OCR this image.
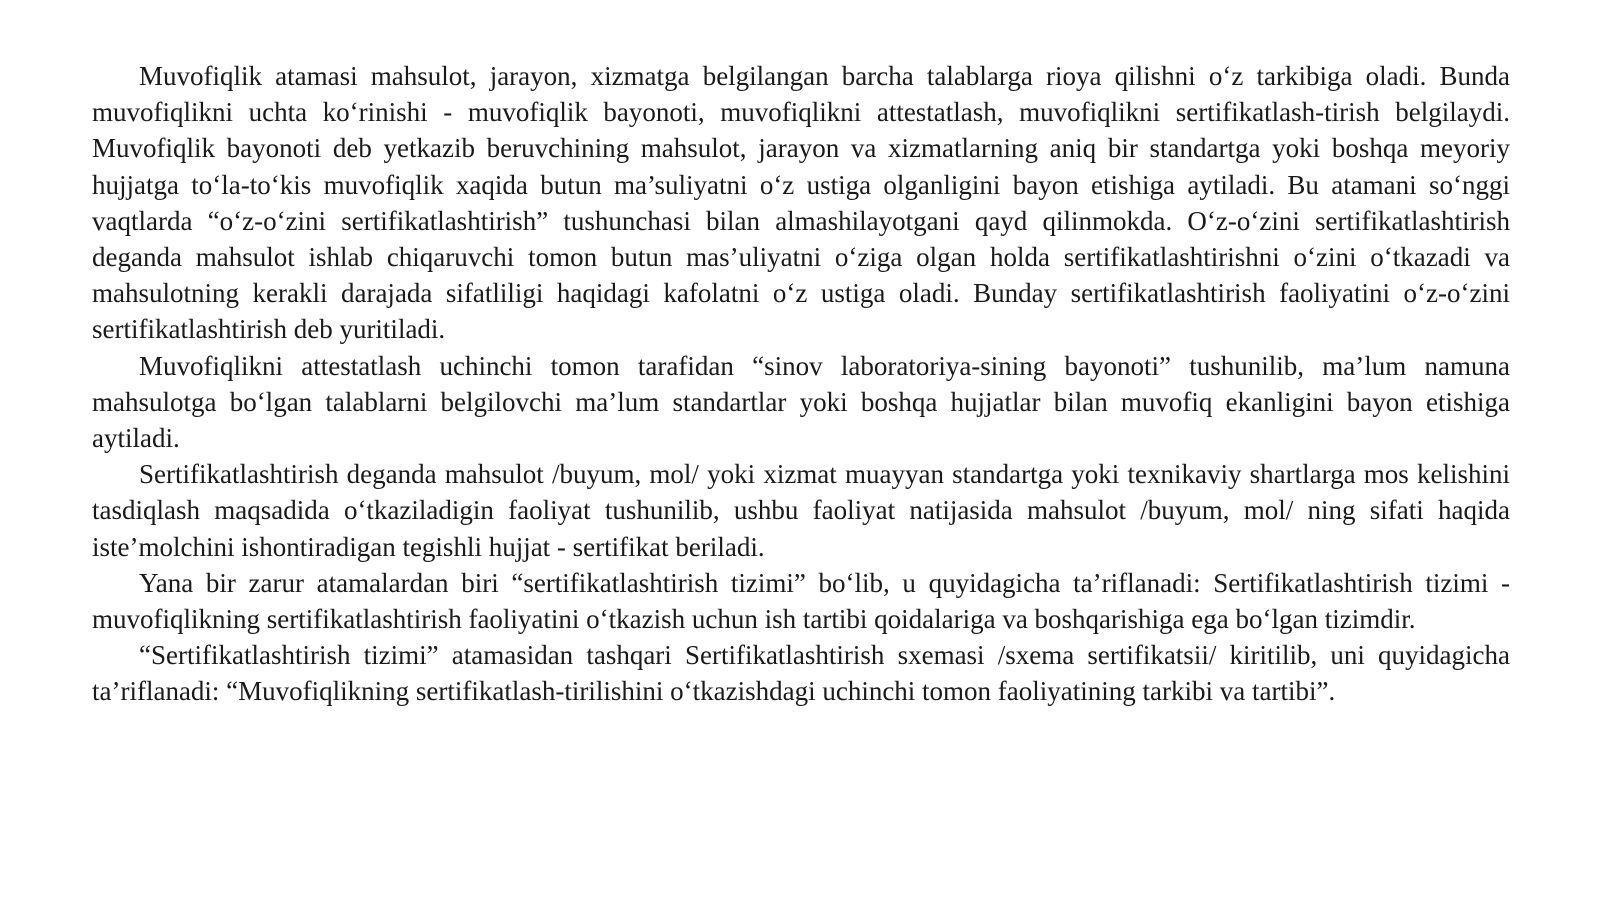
Muvofiqlik atamasi mahsulot, jarayon, xizmatga belgilangan barcha talablarga rioya qilishni o‘z tarkibiga oladi. Bunda muvofiqlikni uchta ko‘rinishi - muvofiqlik bayonoti, muvofiqlikni attestatlash, muvofiqlikni sertifikatlash-tirish belgilaydi. Muvofiqlik bayonoti deb yetkazib beruvchining mahsulot, jarayon va xizmatlarning aniq bir standartga yoki boshqa meyoriy hujjatga to‘la-to‘kis muvofiqlik xaqida butun ma’suliyatni o‘z ustiga olganligini bayon etishiga aytiladi. Bu atamani so‘nggi vaqtlarda “o‘z-o‘zini sertifikatlashtirish” tushunchasi bilan almashilayotgani qayd qilinmokda. O‘z-o‘zini sertifikatlashtirish deganda mahsulot ishlab chiqaruvchi tomon butun mas’uliyatni o‘ziga olgan holda sertifikatlashtirishni o‘zini o‘tkazadi va mahsulotning kerakli darajada sifatliligi haqidagi kafolatni o‘z ustiga oladi. Bunday sertifikatlashtirish faoliyatini o‘z-o‘zini sertifikatlashtirish deb yuritiladi.

Muvofiqlikni attestatlash uchinchi tomon tarafidan “sinov laboratoriya-sining bayonoti” tushunilib, ma’lum namuna mahsulotga bo‘lgan talablarni belgilovchi ma’lum standartlar yoki boshqa hujjatlar bilan muvofiq ekanligini bayon etishiga aytiladi.

Sertifikatlashtirish deganda mahsulot /buyum, mol/ yoki xizmat muayyan standartga yoki texnikaviy shartlarga mos kelishini tasdiqlash maqsadida o‘tkaziladigin faoliyat tushunilib, ushbu faoliyat natijasida mahsulot /buyum, mol/ ning sifati haqida iste’molchini ishontiradigan tegishli hujjat - sertifikat beriladi.

Yana bir zarur atamalardan biri “sertifikatlashtirish tizimi” bo‘lib, u quyidagicha ta’riflanadi: Sertifikatlashtirish tizimi - muvofiqlikning sertifikatlashtirish faoliyatini o‘tkazish uchun ish tartibi qoidalariga va boshqarishiga ega bo‘lgan tizimdir.

“Sertifikatlashtirish tizimi” atamasidan tashqari Sertifikatlashtirish sxemasi /sxema sertifikatsii/ kiritilib, uni quyidagicha ta’riflanadi: “Muvofiqlikning sertifikatlash-tirilishini o‘tkazishdagi uchinchi tomon faoliyatining tarkibi va tartibi”.
